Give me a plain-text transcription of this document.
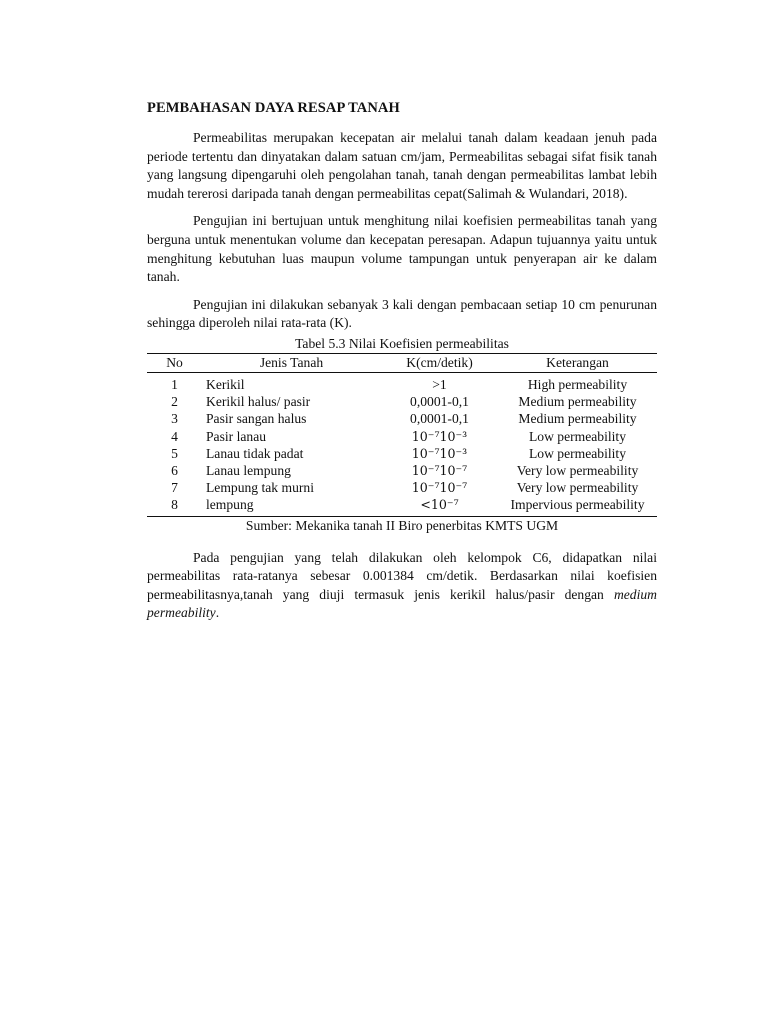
PEMBAHASAN DAYA RESAP TANAH

Permeabilitas merupakan kecepatan air melalui tanah dalam keadaan jenuh pada periode tertentu dan dinyatakan dalam satuan cm/jam, Permeabilitas sebagai sifat fisik tanah yang langsung dipengaruhi oleh pengolahan tanah, tanah dengan permeabilitas lambat lebih mudah tererosi daripada tanah dengan permeabilitas cepat(Salimah & Wulandari, 2018).

Pengujian ini bertujuan untuk menghitung nilai koefisien permeabilitas tanah yang berguna untuk menentukan volume dan kecepatan peresapan. Adapun tujuannya yaitu untuk menghitung kebutuhan luas maupun volume tampungan untuk penyerapan air ke dalam tanah.

Pengujian ini dilakukan sebanyak 3 kali dengan pembacaan setiap 10 cm penurunan sehingga diperoleh nilai rata-rata (K).

Tabel 5.3 Nilai Koefisien permeabilitas
No	Jenis Tanah	K(cm/detik)	Keterangan
1	Kerikil	>1	High permeability
2	Kerikil halus/ pasir	0,0001-0,1	Medium permeability
3	Pasir sangan halus	0,0001-0,1	Medium permeability
4	Pasir lanau	10⁻⁷10⁻³	Low permeability
5	Lanau tidak padat	10⁻⁷10⁻³	Low permeability
6	Lanau lempung	10⁻⁷10⁻⁷	Very low permeability
7	Lempung tak murni	10⁻⁷10⁻⁷	Very low permeability
8	lempung	<10⁻⁷	Impervious permeability
Sumber: Mekanika tanah II Biro penerbitas KMTS UGM

Pada pengujian yang telah dilakukan oleh kelompok C6, didapatkan nilai permeabilitas rata-ratanya sebesar 0.001384 cm/detik. Berdasarkan nilai koefisien permeabilitasnya,tanah yang diuji termasuk jenis kerikil halus/pasir dengan medium permeability.
